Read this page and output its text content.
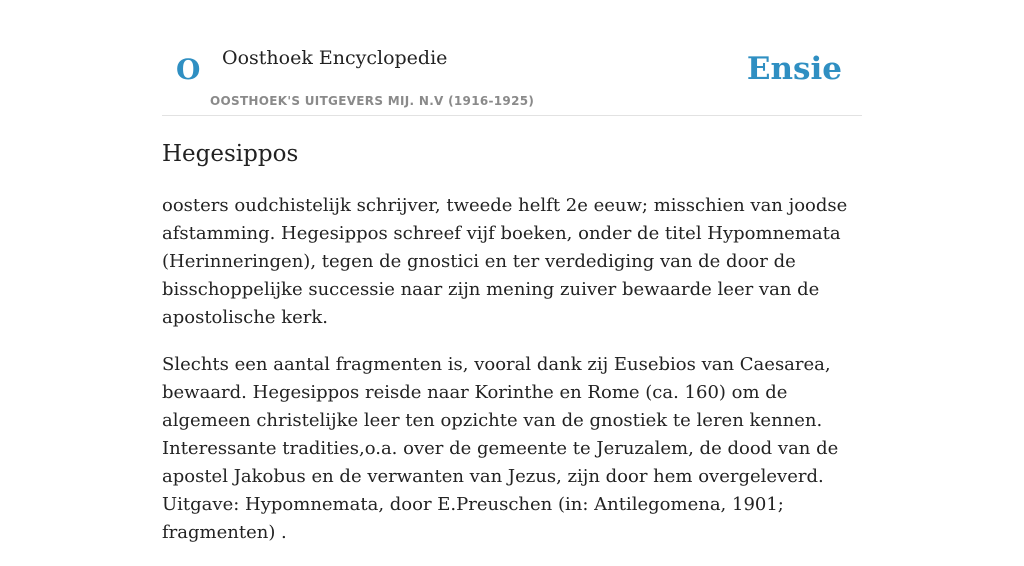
O Oosthoek Encyclopedie
OOSTHOEK'S UITGEVERS MIJ. N.V (1916-1925)
Ensie
Hegesippos

oosters oudchistelijk schrijver, tweede helft 2e eeuw; misschien van joodse afstamming. Hegesippos schreef vijf boeken, onder de titel Hypomnemata (Herinneringen), tegen de gnostici en ter verdediging van de door de bisschoppelijke successie naar zijn mening zuiver bewaarde leer van de apostolische kerk.

Slechts een aantal fragmenten is, vooral dank zij Eusebios van Caesarea, bewaard. Hegesippos reisde naar Korinthe en Rome (ca. 160) om de algemeen christelijke leer ten opzichte van de gnostiek te leren kennen. Interessante tradities,o.a. over de gemeente te Jeruzalem, de dood van de apostel Jakobus en de verwanten van Jezus, zijn door hem overgeleverd. Uitgave: Hypomnemata, door E.Preuschen (in: Antilegomena, 1901; fragmenten) .
